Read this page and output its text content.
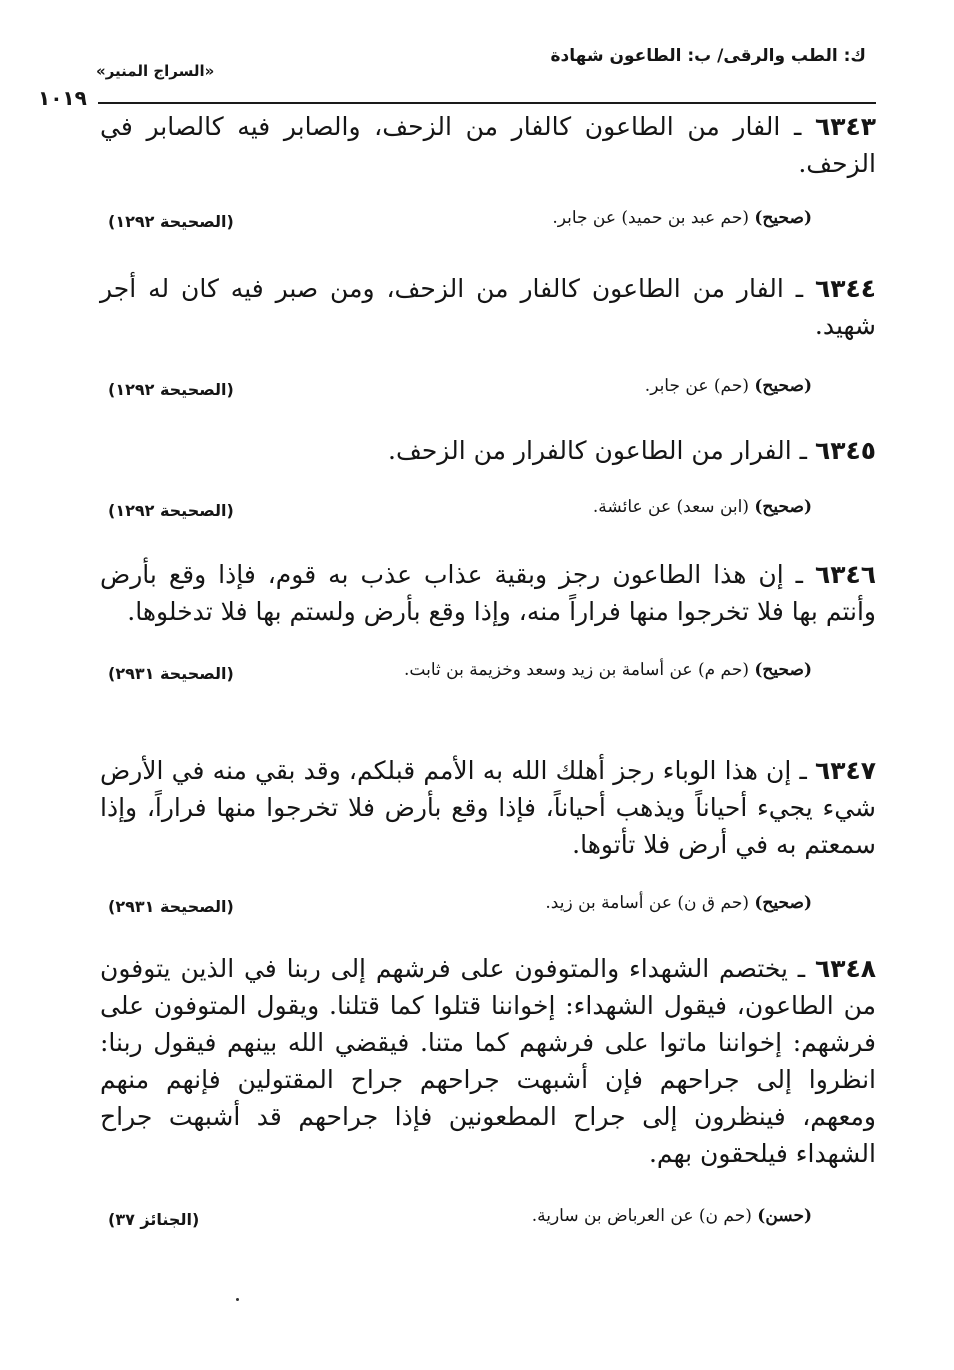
ك: الطب والرقى/ ب: الطاعون شهادة
«السراج المنير»
١٠١٩

٦٣٤٣ ـ الفار من الطاعون كالفار من الزحف، والصابر فيه كالصابر في الزحف.

(صحيح) (حم عبد بن حميد) عن جابر.
(الصحيحة ١٢٩٢)

٦٣٤٤ ـ الفار من الطاعون كالفار من الزحف، ومن صبر فيه كان له أجر شهيد.

(صحيح) (حم) عن جابر.
(الصحيحة ١٢٩٢)

٦٣٤٥ ـ الفرار من الطاعون كالفرار من الزحف.

(صحيح) (ابن سعد) عن عائشة.
(الصحيحة ١٢٩٢)

٦٣٤٦ ـ إن هذا الطاعون رجز وبقية عذاب عذب به قوم، فإذا وقع بأرض وأنتم بها فلا تخرجوا منها فراراً منه، وإذا وقع بأرض ولستم بها فلا تدخلوها.

(صحيح) (حم م) عن أسامة بن زيد وسعد وخزيمة بن ثابت.
(الصحيحة ٢٩٣١)

٦٣٤٧ ـ إن هذا الوباء رجز أهلك الله به الأمم قبلكم، وقد بقي منه في الأرض شيء يجيء أحياناً ويذهب أحياناً، فإذا وقع بأرض فلا تخرجوا منها فراراً، وإذا سمعتم به في أرض فلا تأتوها.

(صحيح) (حم ق ن) عن أسامة بن زيد.
(الصحيحة ٢٩٣١)

٦٣٤٨ ـ يختصم الشهداء والمتوفون على فرشهم إلى ربنا في الذين يتوفون من الطاعون، فيقول الشهداء: إخواننا قتلوا كما قتلنا. ويقول المتوفون على فرشهم: إخواننا ماتوا على فرشهم كما متنا. فيقضي الله بينهم فيقول ربنا: انظروا إلى جراحهم فإن أشبهت جراحهم جراح المقتولين فإنهم منهم ومعهم، فينظرون إلى جراح المطعونين فإذا جراحهم قد أشبهت جراح الشهداء فيلحقون بهم.

(حسن) (حم ن) عن العرباض بن سارية.
(الجنائز ٣٧)
